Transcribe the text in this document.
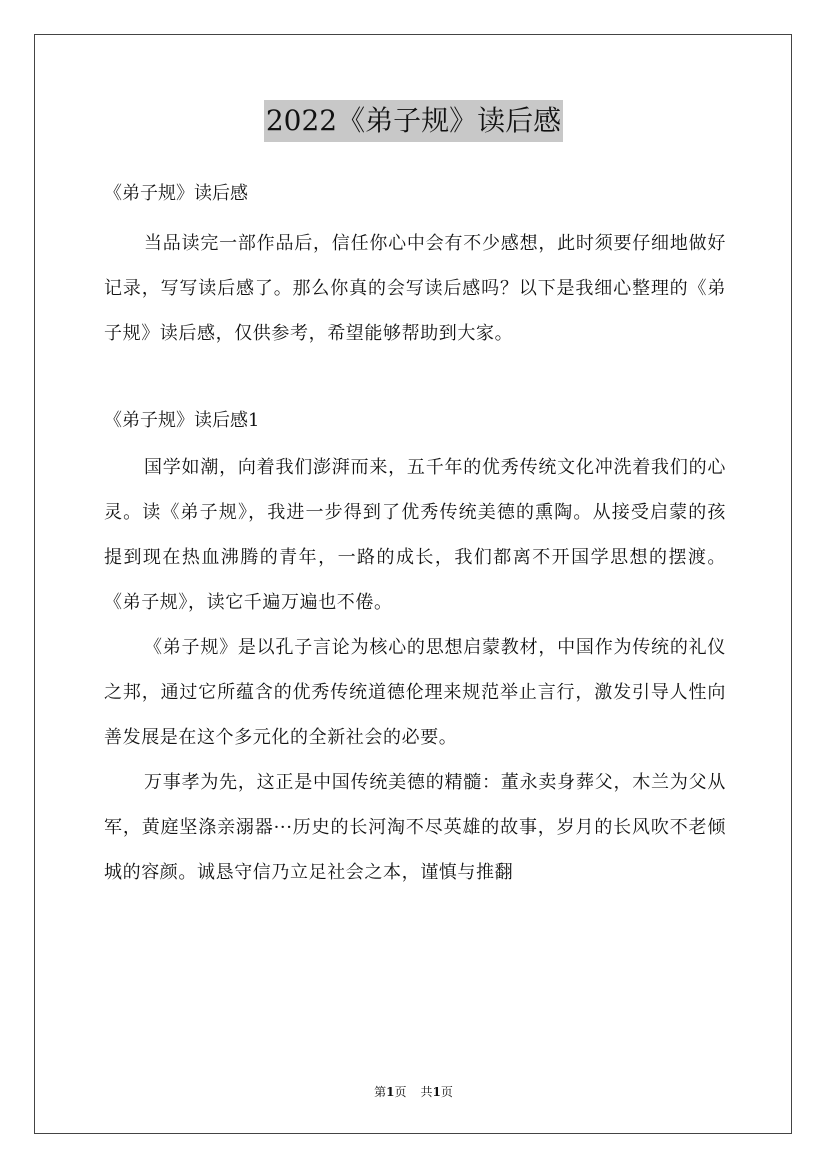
2022《弟子规》读后感

《弟子规》读后感

当品读完一部作品后，信任你心中会有不少感想，此时须要仔细地做好记录，写写读后感了。那么你真的会写读后感吗？以下是我细心整理的《弟子规》读后感，仅供参考，希望能够帮助到大家。

《弟子规》读后感1

国学如潮，向着我们澎湃而来，五千年的优秀传统文化冲洗着我们的心灵。读《弟子规》，我进一步得到了优秀传统美德的熏陶。从接受启蒙的孩提到现在热血沸腾的青年，一路的成长，我们都离不开国学思想的摆渡。《弟子规》，读它千遍万遍也不倦。

《弟子规》是以孔子言论为核心的思想启蒙教材，中国作为传统的礼仪之邦，通过它所蕴含的优秀传统道德伦理来规范举止言行，激发引导人性向善发展是在这个多元化的全新社会的必要。

万事孝为先，这正是中国传统美德的精髓：董永卖身葬父，木兰为父从军，黄庭坚涤亲溺器···历史的长河淘不尽英雄的故事，岁月的长风吹不老倾城的容颜。诚恳守信乃立足社会之本，谨慎与推翻

第1页 共1页
